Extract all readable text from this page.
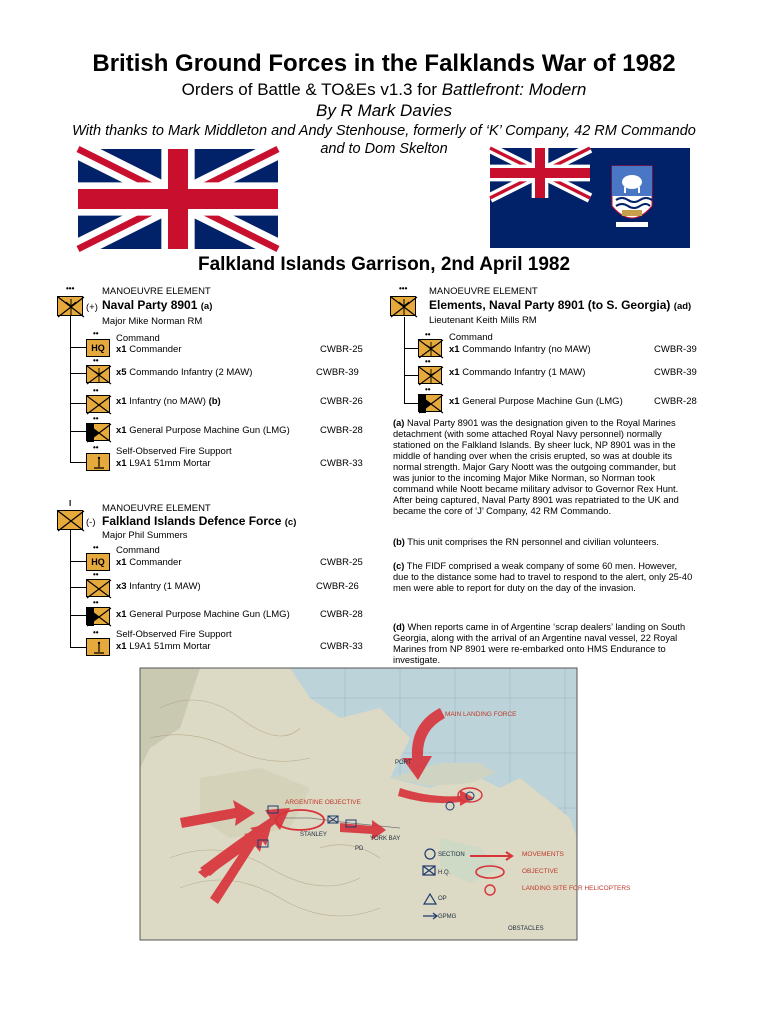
British Ground Forces in the Falklands War of 1982
Orders of Battle & TO&Es v1.3 for Battlefront: Modern
By R Mark Davies
With thanks to Mark Middleton and Andy Stenhouse, formerly of ‘K’ Company, 42 RM Commando
and to Dom Skelton
Falkland Islands Garrison, 2nd April 1982
•••	MANOEUVRE ELEMENT
(+) Naval Party 8901 (a)
Major Mike Norman RM
••
HQ
Command
x1 Commander	CWBR-25
••
x5 Commando Infantry (2 MAW)	CWBR-39
••
x1 Infantry (no MAW) (b)	CWBR-26
••
x1 General Purpose Machine Gun (LMG)	CWBR-28
•• Self-Observed Fire Support
x1 L9A1 51mm Mortar	CWBR-33
I	MANOEUVRE ELEMENT
(-) Falkland Islands Defence Force (c)
Major Phil Summers
••
HQ
Command
x1 Commander	CWBR-25
••
x3 Infantry (1 MAW)	CWBR-26
••
x1 General Purpose Machine Gun (LMG)	CWBR-28
•• Self-Observed Fire Support
x1 L9A1 51mm Mortar	CWBR-33
••• MANOEUVRE ELEMENT
Elements, Naval Party 8901 (to S. Georgia) (ad)
Lieutenant Keith Mills RM
•• Command
x1 Commando Infantry (no MAW)	CWBR-39
••
x1 Commando Infantry (1 MAW)	CWBR-39
••
x1 General Purpose Machine Gun (LMG)	CWBR-28
(a) Naval Party 8901 was the designation given to the Royal Marines detachment (with some attached Royal Navy personnel) normally stationed on the Falkland Islands. By sheer luck, NP 8901 was in the middle of handing over when the crisis erupted, so was at double its normal strength. Major Gary Noott was the outgoing commander, but was junior to the incoming Major Mike Norman, so Norman took command while Noott became military advisor to Governor Rex Hunt. After being captured, Naval Party 8901 was repatriated to the UK and became the core of ‘J’ Company, 42 RM Commando.
(b) This unit comprises the RN personnel and civilian volunteers.
(c) The FIDF comprised a weak company of some 60 men. However, due to the distance some had to travel to respond to the alert, only 25-40 men were able to report for duty on the day of the invasion.
(d) When reports came in of Argentine ‘scrap dealers’ landing on South Georgia, along with the arrival of an Argentine naval vessel, 22 Royal Marines from NP 8901 were re-embarked onto HMS Endurance to investigate.
MAIN LANDING FORCE
ARGENTINE OBJECTIVE
MOVEMENTS
OBJECTIVE
LANDING SITE FOR HELICOPTERS
PORT
STANLEY
PD
YORK BAY
SECTION
H.Q.
OP
GPMG
OBSTACLES
